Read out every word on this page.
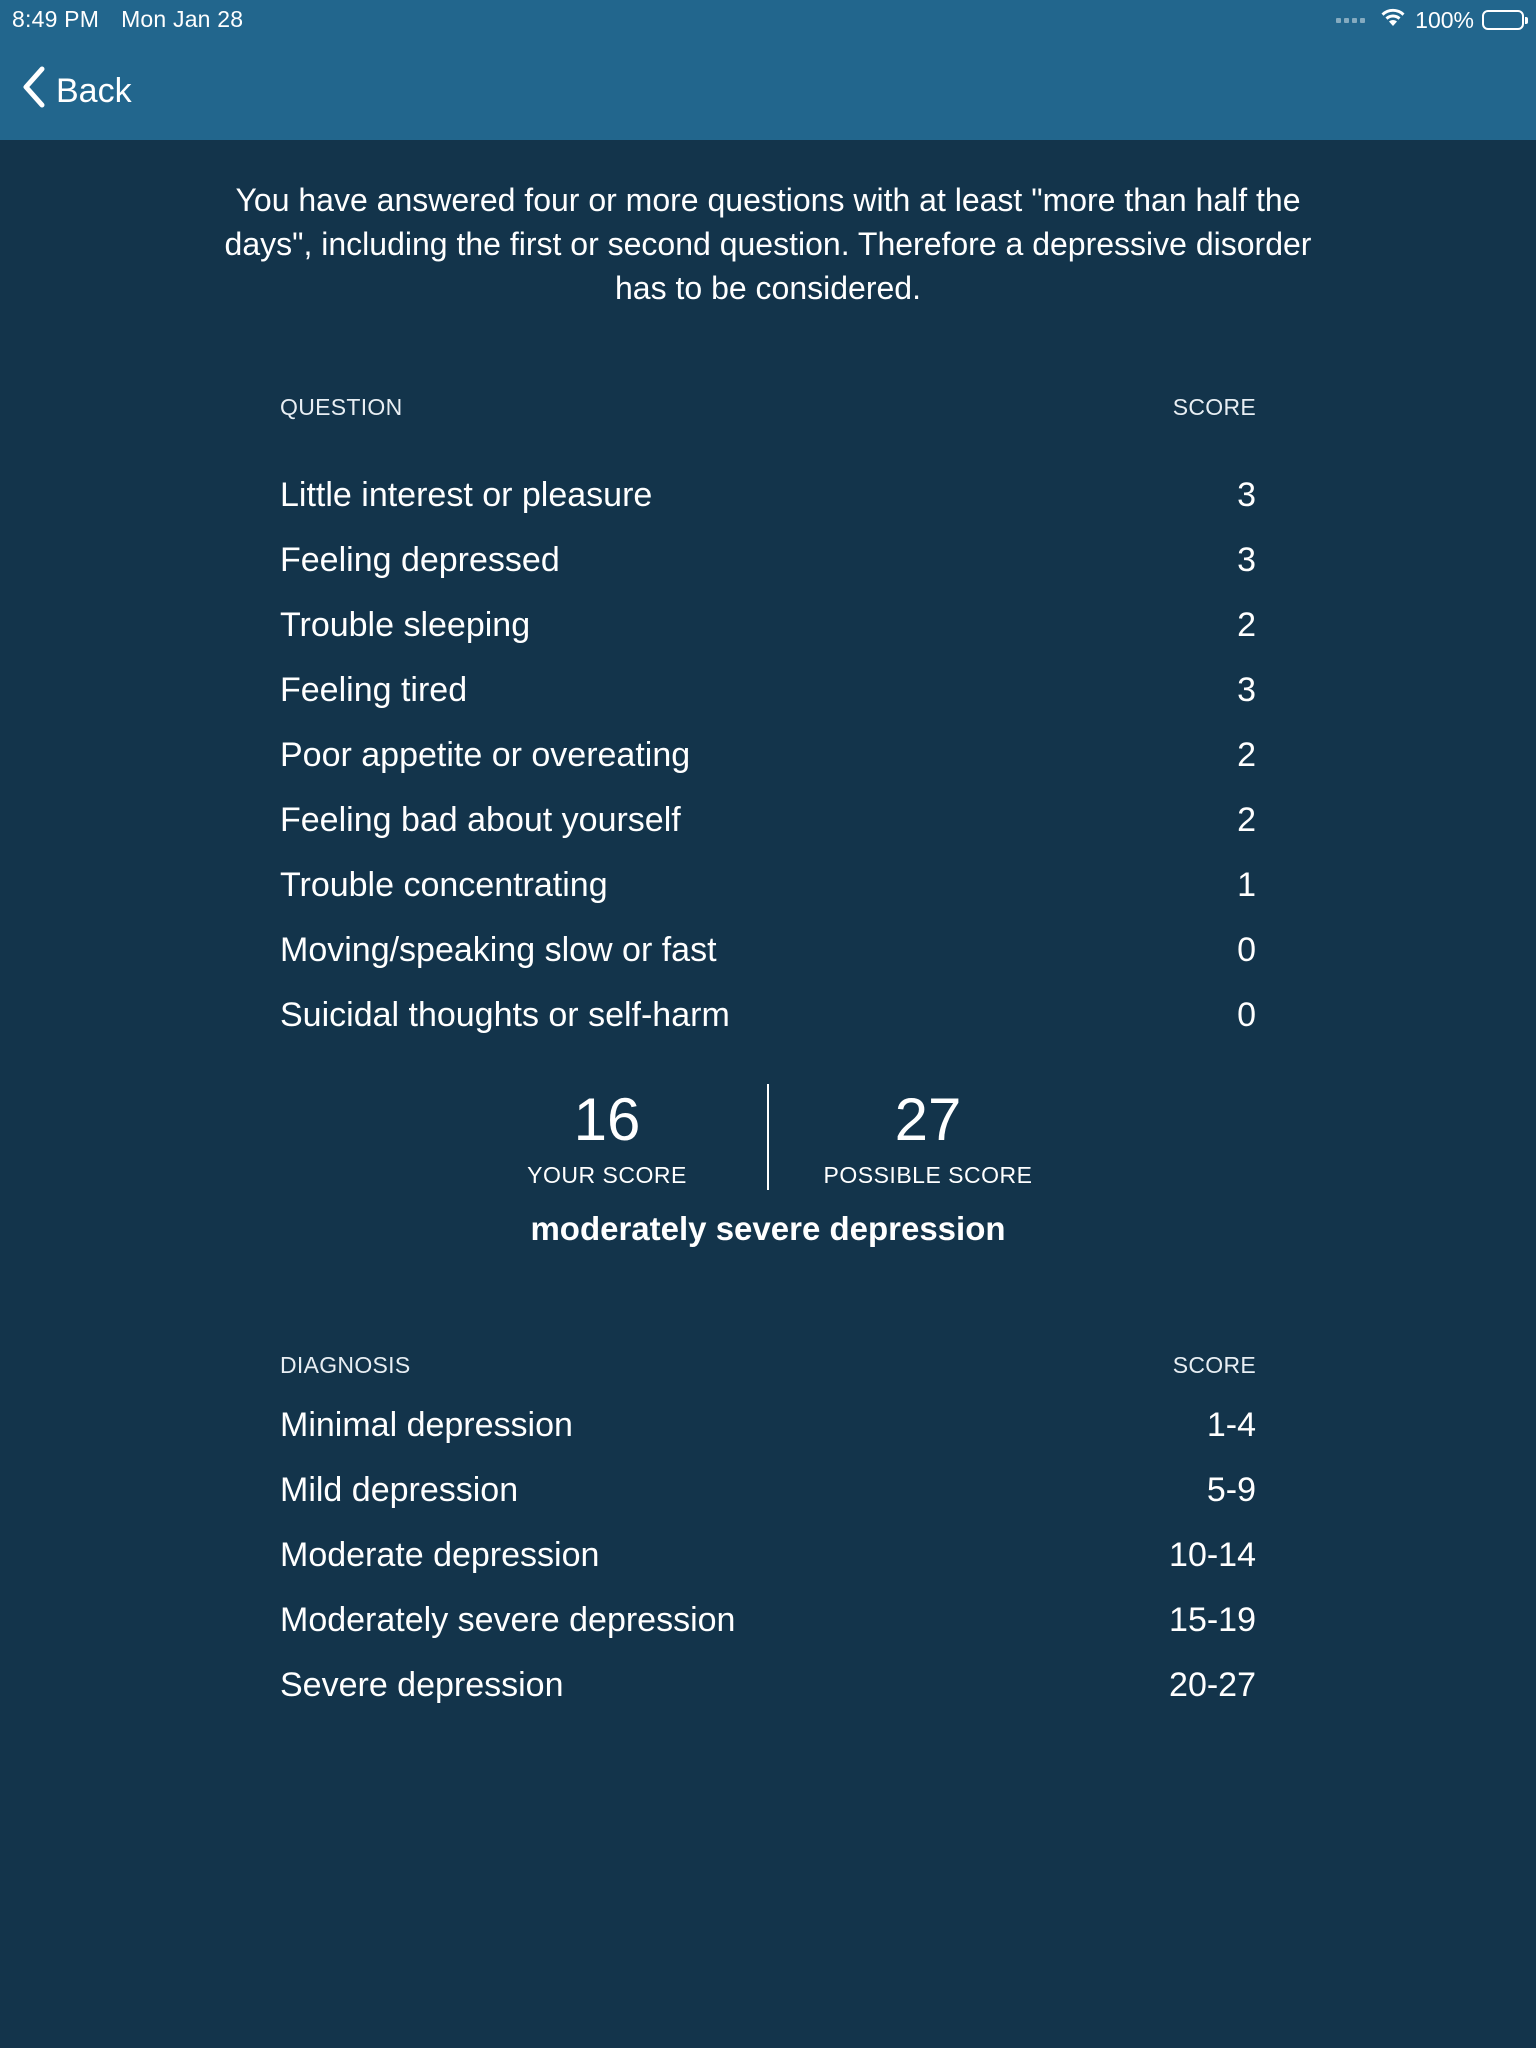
8:49 PM Mon Jan 28	100%
Back
You have answered four or more questions with at least "more than half the days", including the first or second question. Therefore a depressive disorder has to be considered.
QUESTION	SCORE
Little interest or pleasure	3
Feeling depressed	3
Trouble sleeping	2
Feeling tired	3
Poor appetite or overeating	2
Feeling bad about yourself	2
Trouble concentrating	1
Moving/speaking slow or fast	0
Suicidal thoughts or self-harm	0
16
YOUR SCORE
27
POSSIBLE SCORE
moderately severe depression
DIAGNOSIS	SCORE
Minimal depression	1-4
Mild depression	5-9
Moderate depression	10-14
Moderately severe depression	15-19
Severe depression	20-27
